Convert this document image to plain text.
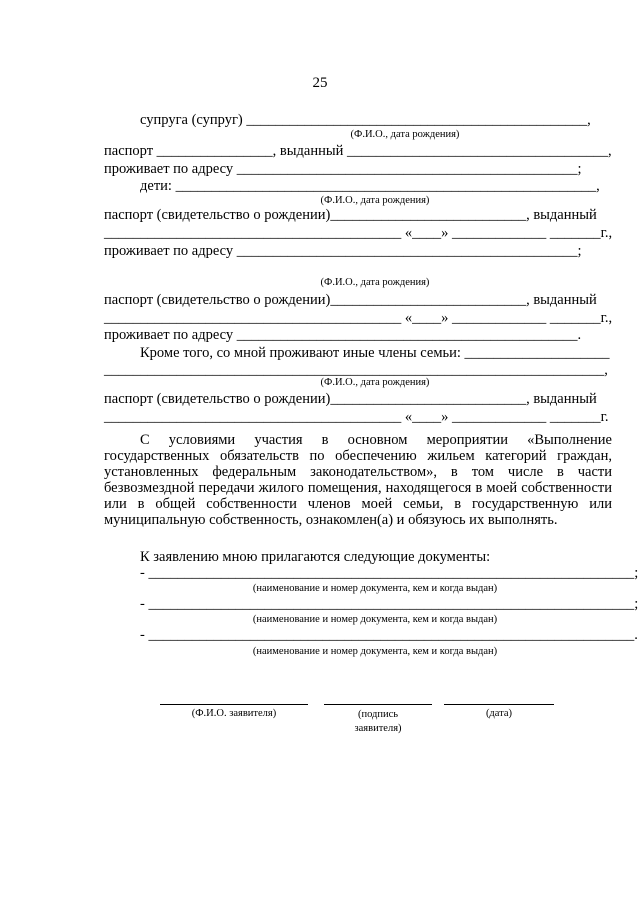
25
супруга (супруг) _______________________________________________,
(Ф.И.О., дата рождения)
паспорт ________________, выданный ____________________________________,
проживает по адресу _______________________________________________;
дети: __________________________________________________________,
(Ф.И.О., дата рождения)
паспорт (свидетельство о рождении)___________________________, выданный
_________________________________________ «____» _____________ _______г.,
проживает по адресу _______________________________________________;
(Ф.И.О., дата рождения)
паспорт (свидетельство о рождении)___________________________, выданный
_________________________________________ «____» _____________ _______г.,
проживает по адресу _______________________________________________.
Кроме того, со мной проживают иные члены семьи: ____________________
_____________________________________________________________________,
(Ф.И.О., дата рождения)
паспорт (свидетельство о рождении)___________________________, выданный
_________________________________________ «____» _____________ _______г.
С условиями участия в основном мероприятии «Выполнение государственных обязательств по обеспечению жильем категорий граждан, установленных федеральным законодательством», в том числе в части безвозмездной передачи жилого помещения, находящегося в моей собственности или в общей собственности членов моей семьи, в государственную или муниципальную собственность, ознакомлен(а) и обязуюсь их выполнять.
К заявлению мною прилагаются следующие документы:
- ___________________________________________________________________;
(наименование и номер документа, кем и когда выдан)
- ___________________________________________________________________;
(наименование и номер документа, кем и когда выдан)
- ___________________________________________________________________.
(наименование и номер документа, кем и когда выдан)
(Ф.И.О. заявителя)	(подпись
заявителя)
(дата)
